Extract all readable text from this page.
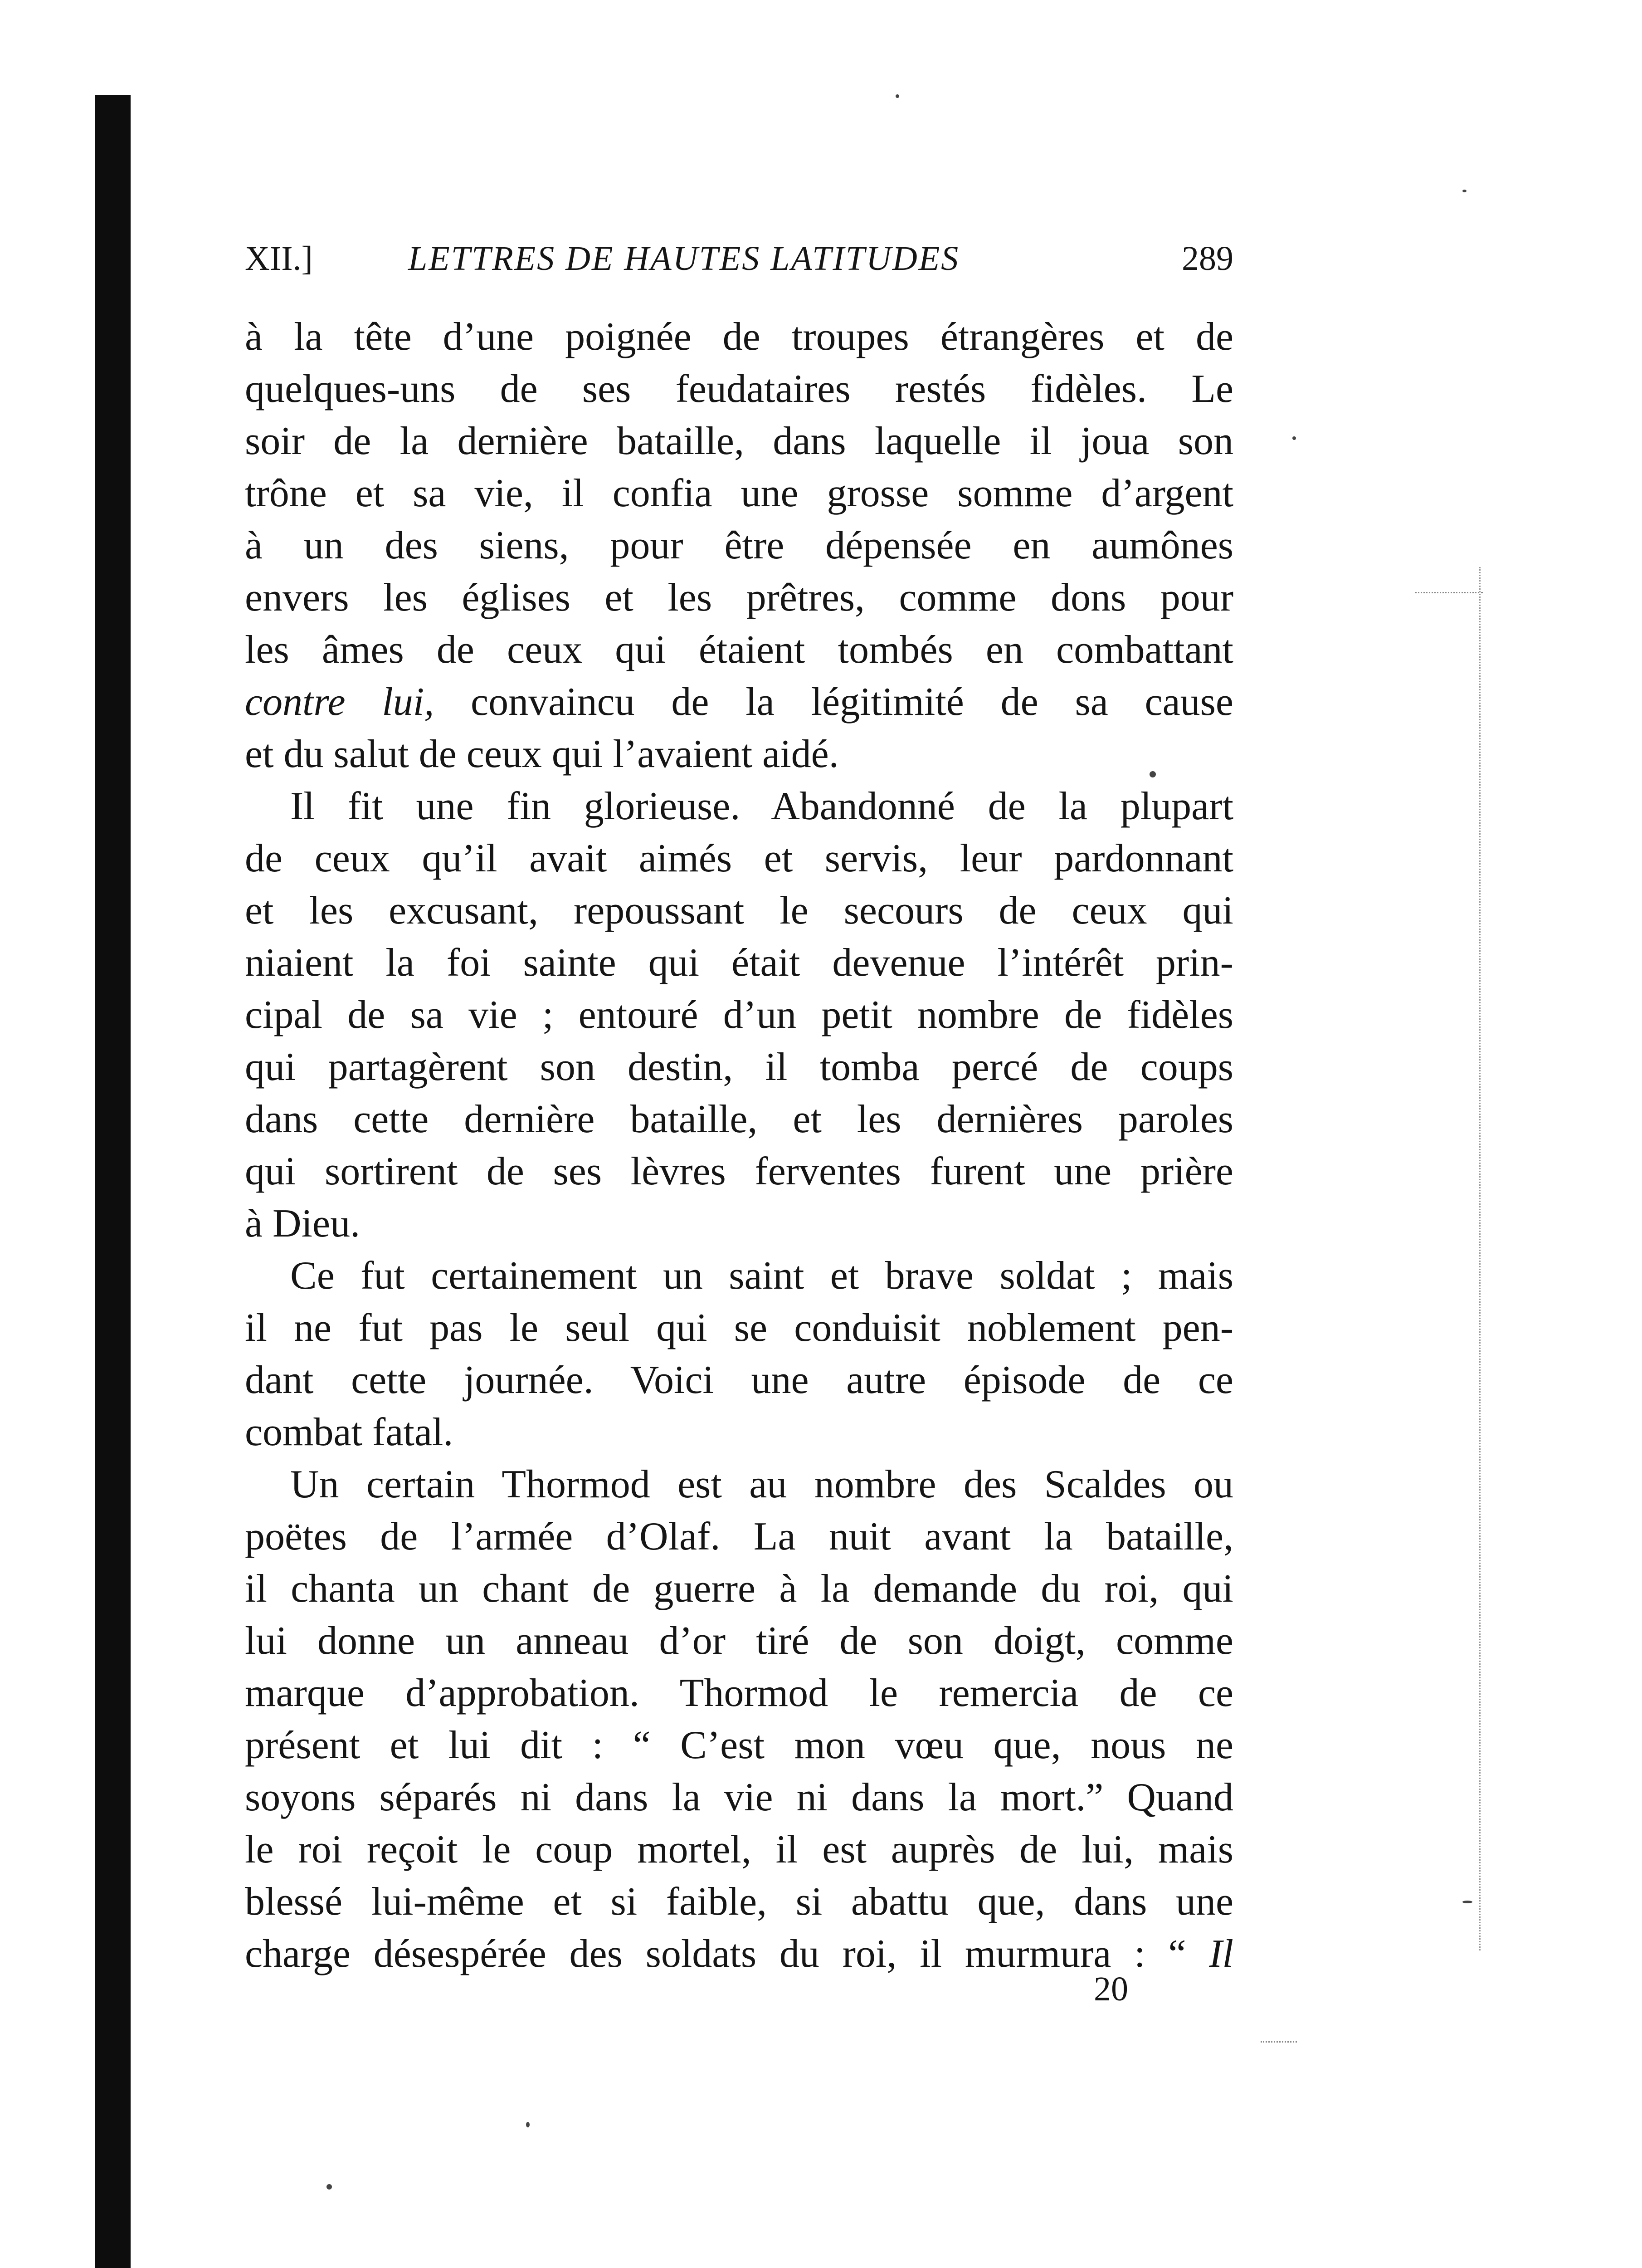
XII.]	LETTRES DE HAUTES LATITUDES	289
à la tête d’une poignée de troupes étrangères et de
quelques-uns de ses feudataires restés fidèles. Le
soir de la dernière bataille, dans laquelle il joua son
trône et sa vie, il confia une grosse somme d’argent
à un des siens, pour être dépensée en aumônes
envers les églises et les prêtres, comme dons pour
les âmes de ceux qui étaient tombés en combattant
contre lui, convaincu de la légitimité de sa cause
et du salut de ceux qui l’avaient aidé.
Il fit une fin glorieuse. Abandonné de la plupart
de ceux qu’il avait aimés et servis, leur pardonnant
et les excusant, repoussant le secours de ceux qui
niaient la foi sainte qui était devenue l’intérêt prin-
cipal de sa vie ; entouré d’un petit nombre de fidèles
qui partagèrent son destin, il tomba percé de coups
dans cette dernière bataille, et les dernières paroles
qui sortirent de ses lèvres ferventes furent une prière
à Dieu.
Ce fut certainement un saint et brave soldat ; mais
il ne fut pas le seul qui se conduisit noblement pen-
dant cette journée. Voici une autre épisode de ce
combat fatal.
Un certain Thormod est au nombre des Scaldes ou
poëtes de l’armée d’Olaf. La nuit avant la bataille,
il chanta un chant de guerre à la demande du roi, qui
lui donne un anneau d’or tiré de son doigt, comme
marque d’approbation. Thormod le remercia de ce
présent et lui dit : “ C’est mon vœu que, nous ne
soyons séparés ni dans la vie ni dans la mort.” Quand
le roi reçoit le coup mortel, il est auprès de lui, mais
blessé lui-même et si faible, si abattu que, dans une
charge désespérée des soldats du roi, il murmura : “ Il
20
